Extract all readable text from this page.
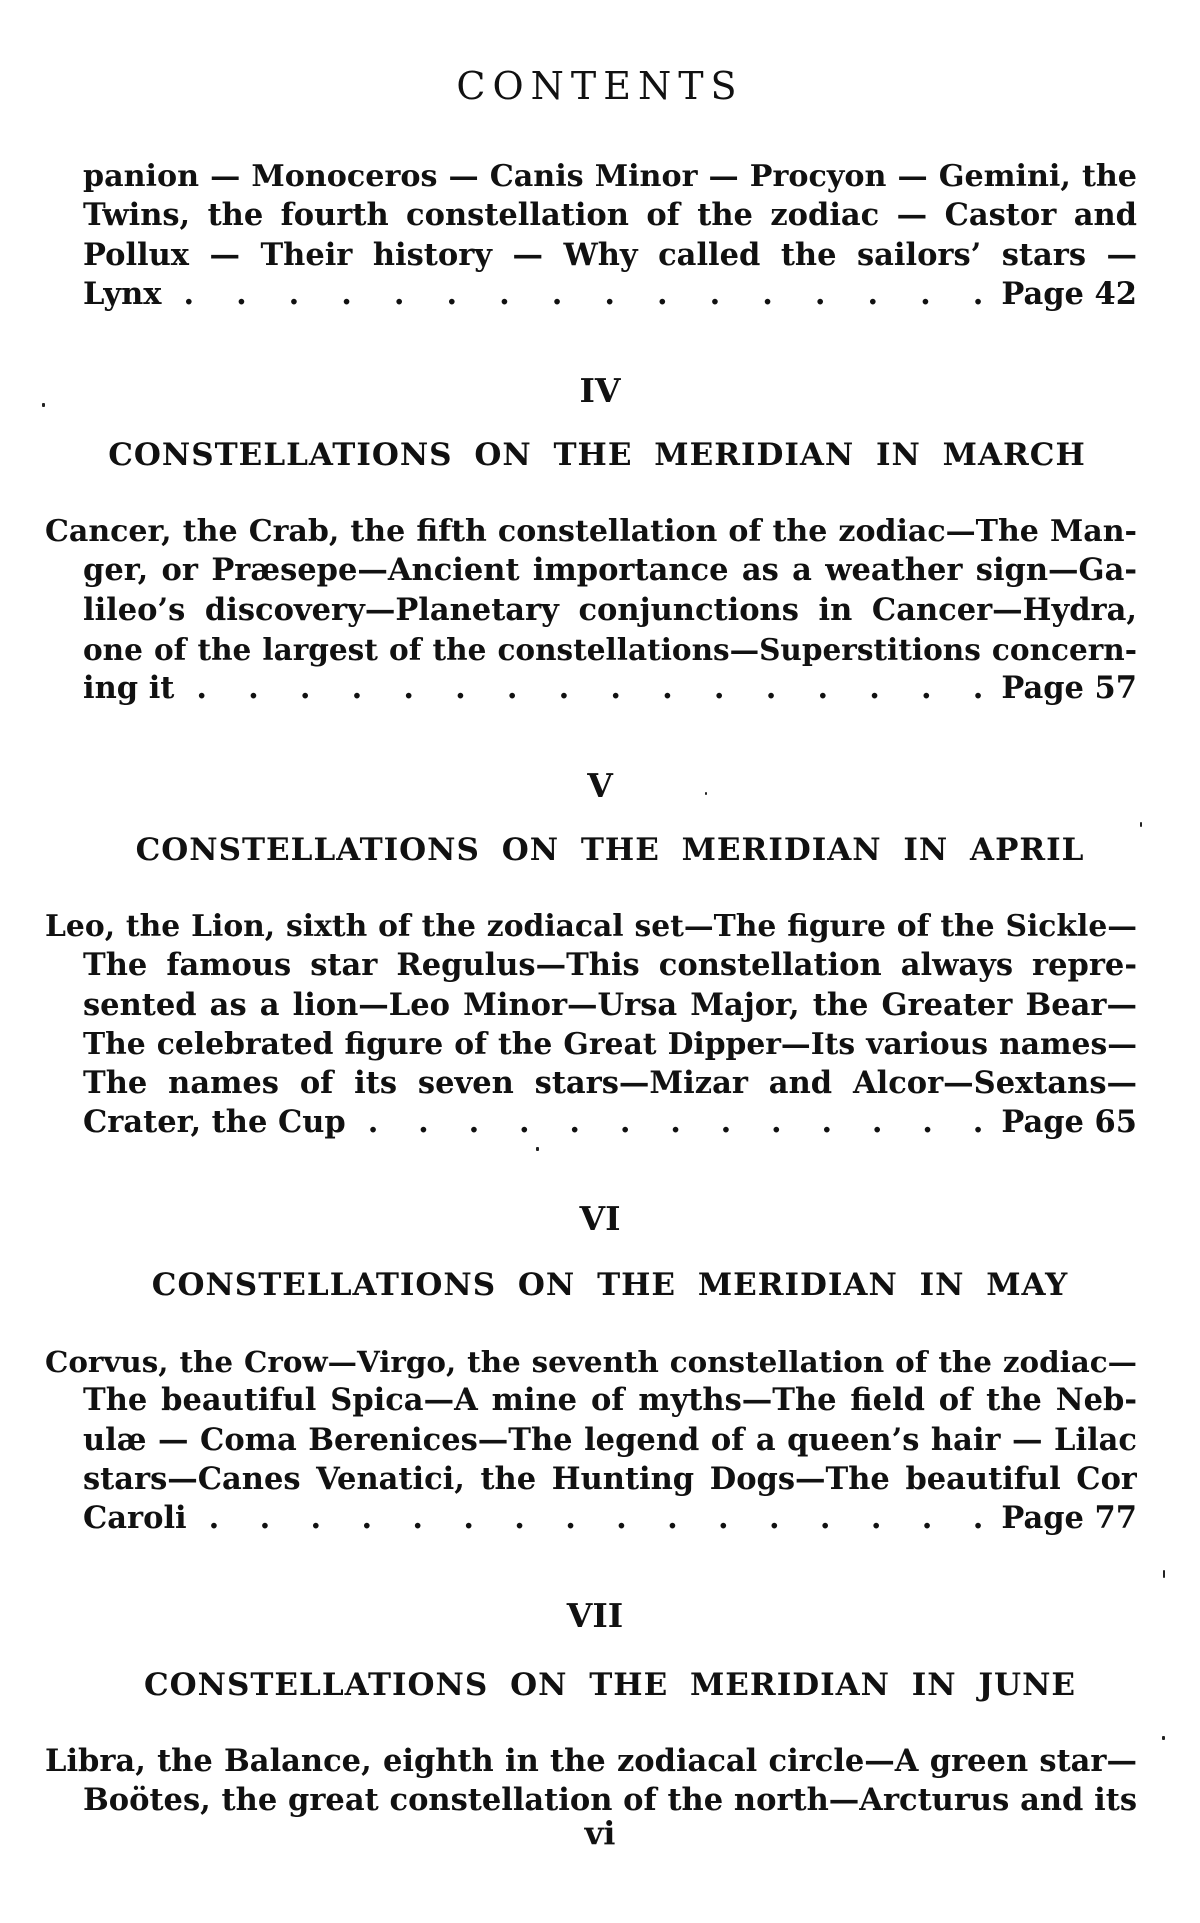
CONTENTS
panion — Monoceros — Canis Minor — Procyon — Gemini, the
Twins, the fourth constellation of the zodiac — Castor and
Pollux — Their history — Why called the sailors’ stars —
Lynx . . . . . . . . . . . . . . . . Page 42
IV
CONSTELLATIONS ON THE MERIDIAN IN MARCH
Cancer, the Crab, the fifth constellation of the zodiac—The Man-
ger, or Præsepe—Ancient importance as a weather sign—Ga-
lileo’s discovery—Planetary conjunctions in Cancer—Hydra,
one of the largest of the constellations—Superstitions concern-
ing it . . . . . . . . . . . . . . . . Page 57
V
CONSTELLATIONS ON THE MERIDIAN IN APRIL
Leo, the Lion, sixth of the zodiacal set—The figure of the Sickle—
The famous star Regulus—This constellation always repre-
sented as a lion—Leo Minor—Ursa Major, the Greater Bear—
The celebrated figure of the Great Dipper—Its various names—
The names of its seven stars—Mizar and Alcor—Sextans—
Crater, the Cup . . . . . . . . . . . . . Page 65
VI
CONSTELLATIONS ON THE MERIDIAN IN MAY
Corvus, the Crow—Virgo, the seventh constellation of the zodiac—
The beautiful Spica—A mine of myths—The field of the Neb-
ulæ — Coma Berenices—The legend of a queen’s hair — Lilac
stars—Canes Venatici, the Hunting Dogs—The beautiful Cor
Caroli . . . . . . . . . . . . . . . . Page 77
VII
CONSTELLATIONS ON THE MERIDIAN IN JUNE
Libra, the Balance, eighth in the zodiacal circle—A green star—
Boötes, the great constellation of the north—Arcturus and its
vi
